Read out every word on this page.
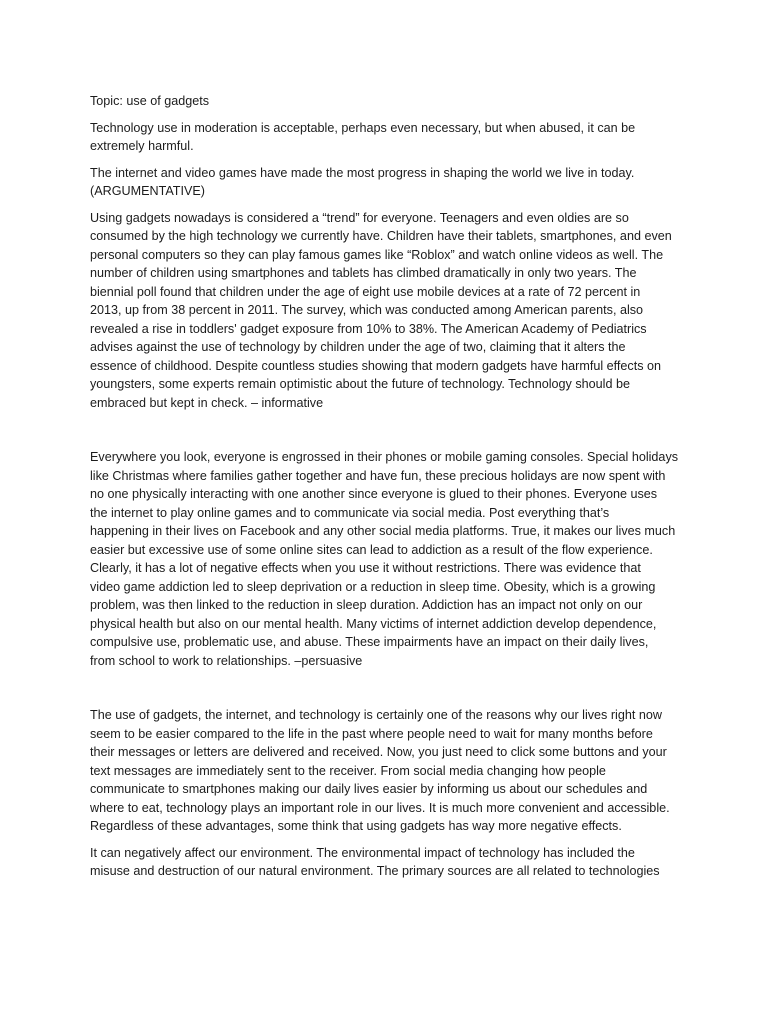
Topic: use of gadgets

Technology use in moderation is acceptable, perhaps even necessary, but when abused, it can be
extremely harmful.

The internet and video games have made the most progress in shaping the world we live in today.
(ARGUMENTATIVE)

Using gadgets nowadays is considered a “trend” for everyone. Teenagers and even oldies are so
consumed by the high technology we currently have. Children have their tablets, smartphones, and even
personal computers so they can play famous games like “Roblox” and watch online videos as well. The
number of children using smartphones and tablets has climbed dramatically in only two years. The
biennial poll found that children under the age of eight use mobile devices at a rate of 72 percent in
2013, up from 38 percent in 2011. The survey, which was conducted among American parents, also
revealed a rise in toddlers' gadget exposure from 10% to 38%. The American Academy of Pediatrics
advises against the use of technology by children under the age of two, claiming that it alters the
essence of childhood. Despite countless studies showing that modern gadgets have harmful effects on
youngsters, some experts remain optimistic about the future of technology. Technology should be
embraced but kept in check. – informative

Everywhere you look, everyone is engrossed in their phones or mobile gaming consoles. Special holidays
like Christmas where families gather together and have fun, these precious holidays are now spent with
no one physically interacting with one another since everyone is glued to their phones. Everyone uses
the internet to play online games and to communicate via social media. Post everything that’s
happening in their lives on Facebook and any other social media platforms. True, it makes our lives much
easier but excessive use of some online sites can lead to addiction as a result of the flow experience.
Clearly, it has a lot of negative effects when you use it without restrictions. There was evidence that
video game addiction led to sleep deprivation or a reduction in sleep time. Obesity, which is a growing
problem, was then linked to the reduction in sleep duration. Addiction has an impact not only on our
physical health but also on our mental health. Many victims of internet addiction develop dependence,
compulsive use, problematic use, and abuse. These impairments have an impact on their daily lives,
from school to work to relationships. –persuasive

The use of gadgets, the internet, and technology is certainly one of the reasons why our lives right now
seem to be easier compared to the life in the past where people need to wait for many months before
their messages or letters are delivered and received. Now, you just need to click some buttons and your
text messages are immediately sent to the receiver. From social media changing how people
communicate to smartphones making our daily lives easier by informing us about our schedules and
where to eat, technology plays an important role in our lives. It is much more convenient and accessible.
Regardless of these advantages, some think that using gadgets has way more negative effects.

It can negatively affect our environment. The environmental impact of technology has included the
misuse and destruction of our natural environment. The primary sources are all related to technologies
